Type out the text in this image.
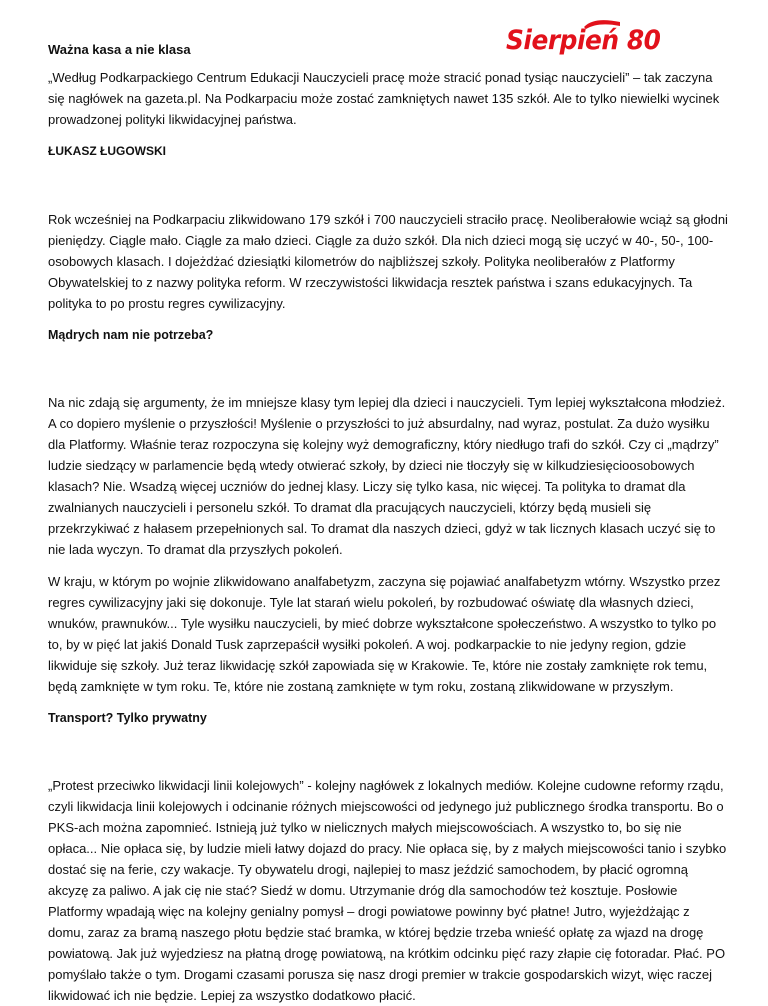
Ważna kasa a nie klasa	Sierpień 80

„Według Podkarpackiego Centrum Edukacji Nauczycieli pracę może stracić ponad tysiąc nauczycieli” – tak zaczyna się nagłówek na gazeta.pl. Na Podkarpaciu może zostać zamkniętych nawet 135 szkół. Ale to tylko niewielki wycinek prowadzonej polityki likwidacyjnej państwa.

ŁUKASZ ŁUGOWSKI

Rok wcześniej na Podkarpaciu zlikwidowano 179 szkół i 700 nauczycieli straciło pracę. Neoliberałowie wciąż są głodni pieniędzy. Ciągle mało. Ciągle za mało dzieci. Ciągle za dużo szkół. Dla nich dzieci mogą się uczyć w 40-, 50-, 100-osobowych klasach. I dojeżdżać dziesiątki kilometrów do najbliższej szkoły. Polityka neoliberałów z Platformy Obywatelskiej to z nazwy polityka reform. W rzeczywistości likwidacja resztek państwa i szans edukacyjnych. Ta polityka to po prostu regres cywilizacyjny.

Mądrych nam nie potrzeba?

Na nic zdają się argumenty, że im mniejsze klasy tym lepiej dla dzieci i nauczycieli. Tym lepiej wykształcona młodzież. A co dopiero myślenie o przyszłości! Myślenie o przyszłości to już absurdalny, nad wyraz, postulat. Za dużo wysiłku dla Platformy. Właśnie teraz rozpoczyna się kolejny wyż demograficzny, który niedługo trafi do szkół. Czy ci „mądrzy” ludzie siedzący w parlamencie będą wtedy otwierać szkoły, by dzieci nie tłoczyły się w kilkudziesięcioosobowych klasach? Nie. Wsadzą więcej uczniów do jednej klasy. Liczy się tylko kasa, nic więcej. Ta polityka to dramat dla zwalnianych nauczycieli i personelu szkół. To dramat dla pracujących nauczycieli, którzy będą musieli się przekrzykiwać z hałasem przepełnionych sal. To dramat dla naszych dzieci, gdyż w tak licznych klasach uczyć się to nie lada wyczyn. To dramat dla przyszłych pokoleń.

W kraju, w którym po wojnie zlikwidowano analfabetyzm, zaczyna się pojawiać analfabetyzm wtórny. Wszystko przez regres cywilizacyjny jaki się dokonuje. Tyle lat starań wielu pokoleń, by rozbudować oświatę dla własnych dzieci, wnuków, prawnuków... Tyle wysiłku nauczycieli, by mieć dobrze wykształcone społeczeństwo. A wszystko to tylko po to, by w pięć lat jakiś Donald Tusk zaprzepaścił wysiłki pokoleń. A woj. podkarpackie to nie jedyny region, gdzie likwiduje się szkoły. Już teraz likwidację szkół zapowiada się w Krakowie. Te, które nie zostały zamknięte rok temu, będą zamknięte w tym roku. Te, które nie zostaną zamknięte w tym roku, zostaną zlikwidowane w przyszłym.

Transport? Tylko prywatny

„Protest przeciwko likwidacji linii kolejowych” - kolejny nagłówek z lokalnych mediów. Kolejne cudowne reformy rządu, czyli likwidacja linii kolejowych i odcinanie różnych miejscowości od jedynego już publicznego środka transportu. Bo o PKS-ach można zapomnieć. Istnieją już tylko w nielicznych małych miejscowościach. A wszystko to, bo się nie opłaca... Nie opłaca się, by ludzie mieli łatwy dojazd do pracy. Nie opłaca się, by z małych miejscowości tanio i szybko dostać się na ferie, czy wakacje. Ty obywatelu drogi, najlepiej to masz jeździć samochodem, by płacić ogromną akcyzę za paliwo. A jak cię nie stać? Siedź w domu. Utrzymanie dróg dla samochodów też kosztuje. Posłowie Platformy wpadają więc na kolejny genialny pomysł – drogi powiatowe powinny być płatne! Jutro, wyjeżdżając z domu, zaraz za bramą naszego płotu będzie stać bramka, w której będzie trzeba wnieść opłatę za wjazd na drogę powiatową. Jak już wyjedziesz na płatną drogę powiatową, na krótkim odcinku pięć razy złapie cię fotoradar. Płać. PO pomyślało także o tym. Drogami czasami porusza się nasz drogi premier w trakcie gospodarskich wizyt, więc raczej likwidować ich nie będzie. Lepiej za wszystko dodatkowo płacić.
